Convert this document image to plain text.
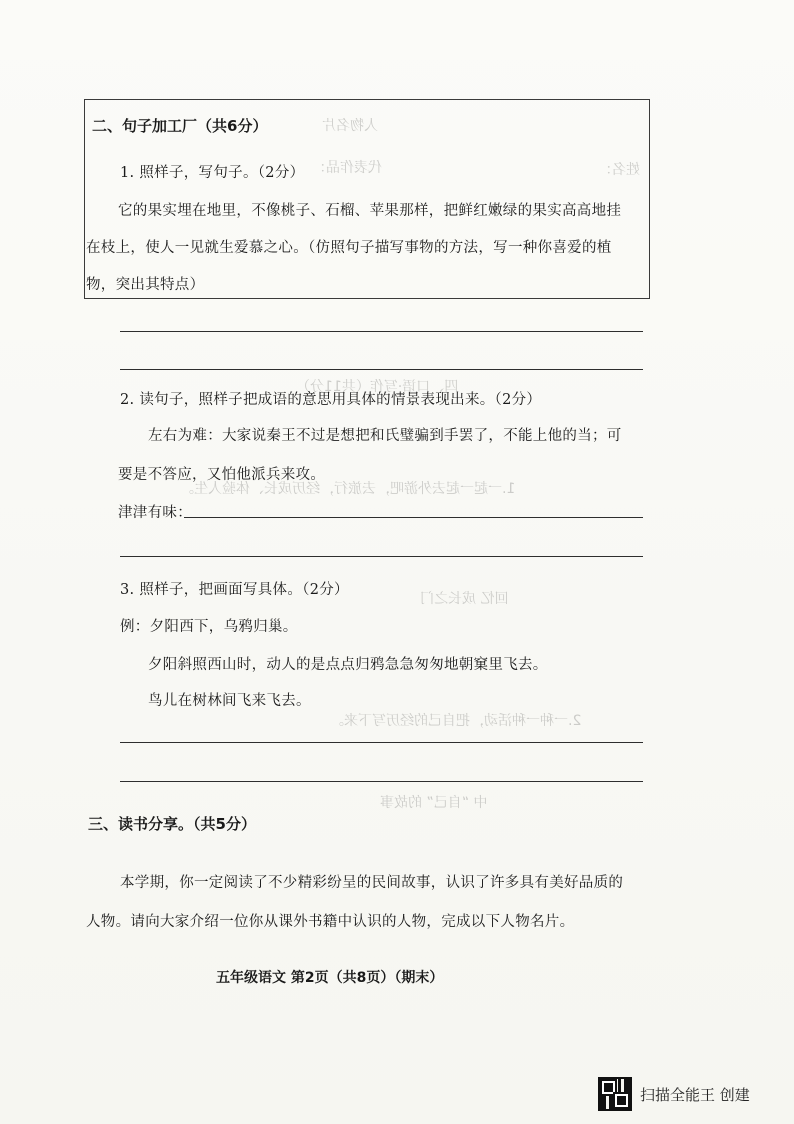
人物名片
姓名：
代表作品：
四、口语·写作（共11分）
1.一起一起去外游吧，去旅行，经历成长、体验人生。
回忆 成长之门
2.一种一种活动，把自己的经历写下来。
中 “自己” 的故事
二、句子加工厂（共6分）
1. 照样子，写句子。（2分）
它的果实埋在地里，不像桃子、石榴、苹果那样，把鲜红嫩绿的果实高高地挂
在枝上，使人一见就生爱慕之心。（仿照句子描写事物的方法，写一种你喜爱的植
物，突出其特点）
2. 读句子，照样子把成语的意思用具体的情景表现出来。（2分）
左右为难：大家说秦王不过是想把和氏璧骗到手罢了，不能上他的当；可
要是不答应，又怕他派兵来攻。
津津有味：
3. 照样子，把画面写具体。（2分）
例：夕阳西下，乌鸦归巢。
夕阳斜照西山时，动人的是点点归鸦急急匆匆地朝窠里飞去。
鸟儿在树林间飞来飞去。
三、读书分享。（共5分）
本学期，你一定阅读了不少精彩纷呈的民间故事，认识了许多具有美好品质的
人物。请向大家介绍一位你从课外书籍中认识的人物，完成以下人物名片。
五年级语文 第2页（共8页）（期末）
扫描全能王 创建
